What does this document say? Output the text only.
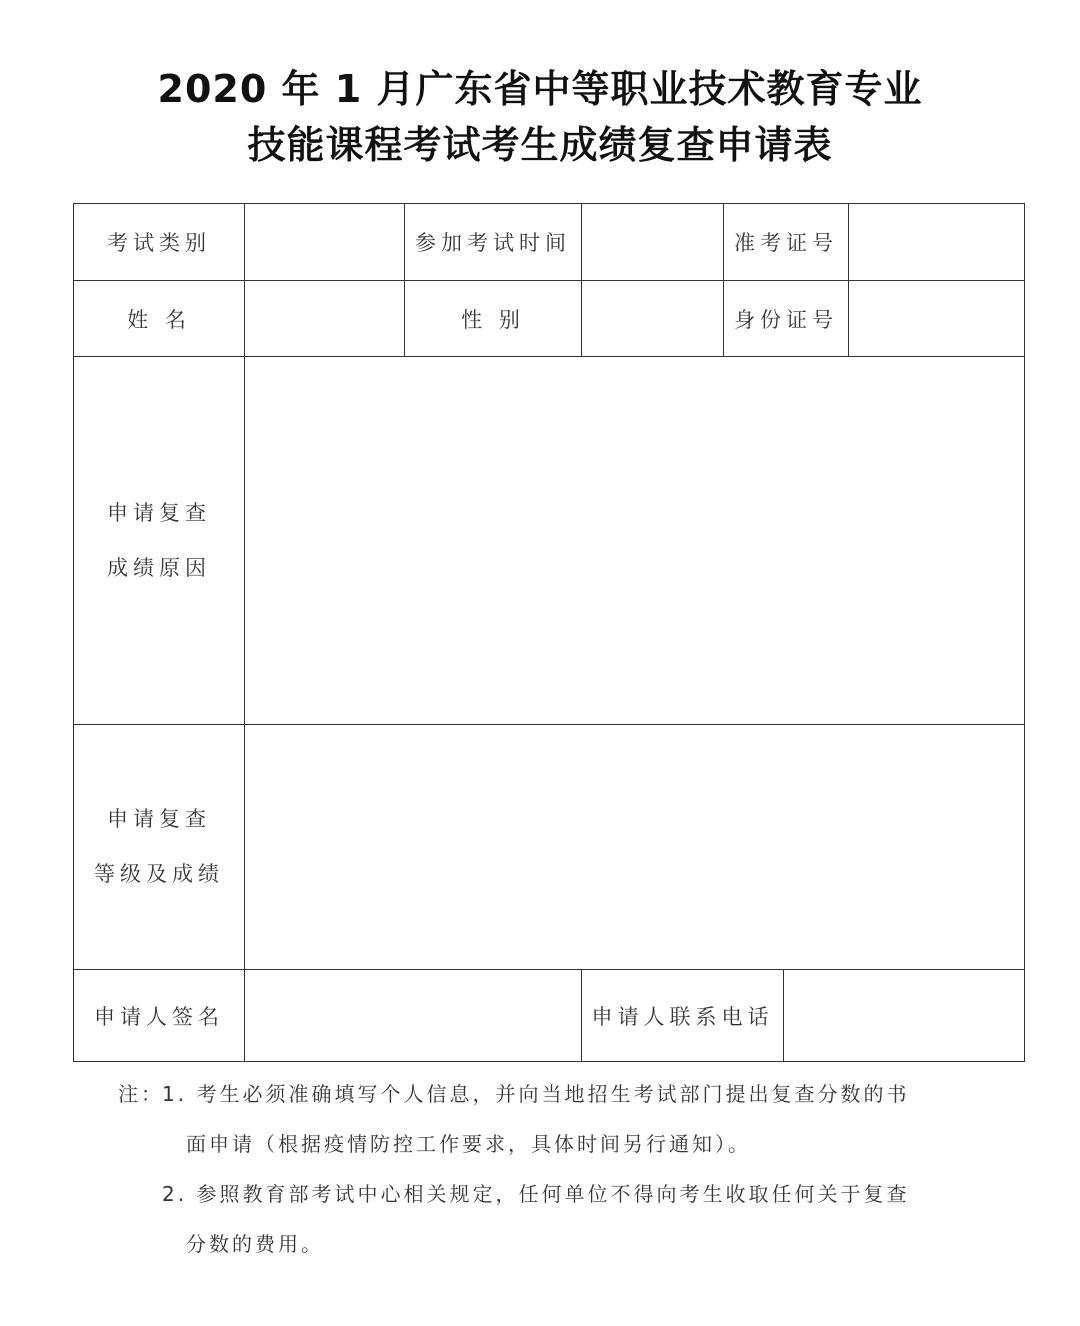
2020 年 1 月广东省中等职业技术教育专业
技能课程考试考生成绩复查申请表
考试类别		参加考试时间		准考证号		
姓 名		性 别		身份证号		

申请复查
成绩原因						

申请复查
等级及成绩						

申请人签名			申请人联系电话			
注：
1. 考生必须准确填写个人信息，并向当地招生考试部门提出复查分数的书
面申请（根据疫情防控工作要求，具体时间另行通知）。
2. 参照教育部考试中心相关规定，任何单位不得向考生收取任何关于复查
分数的费用。
